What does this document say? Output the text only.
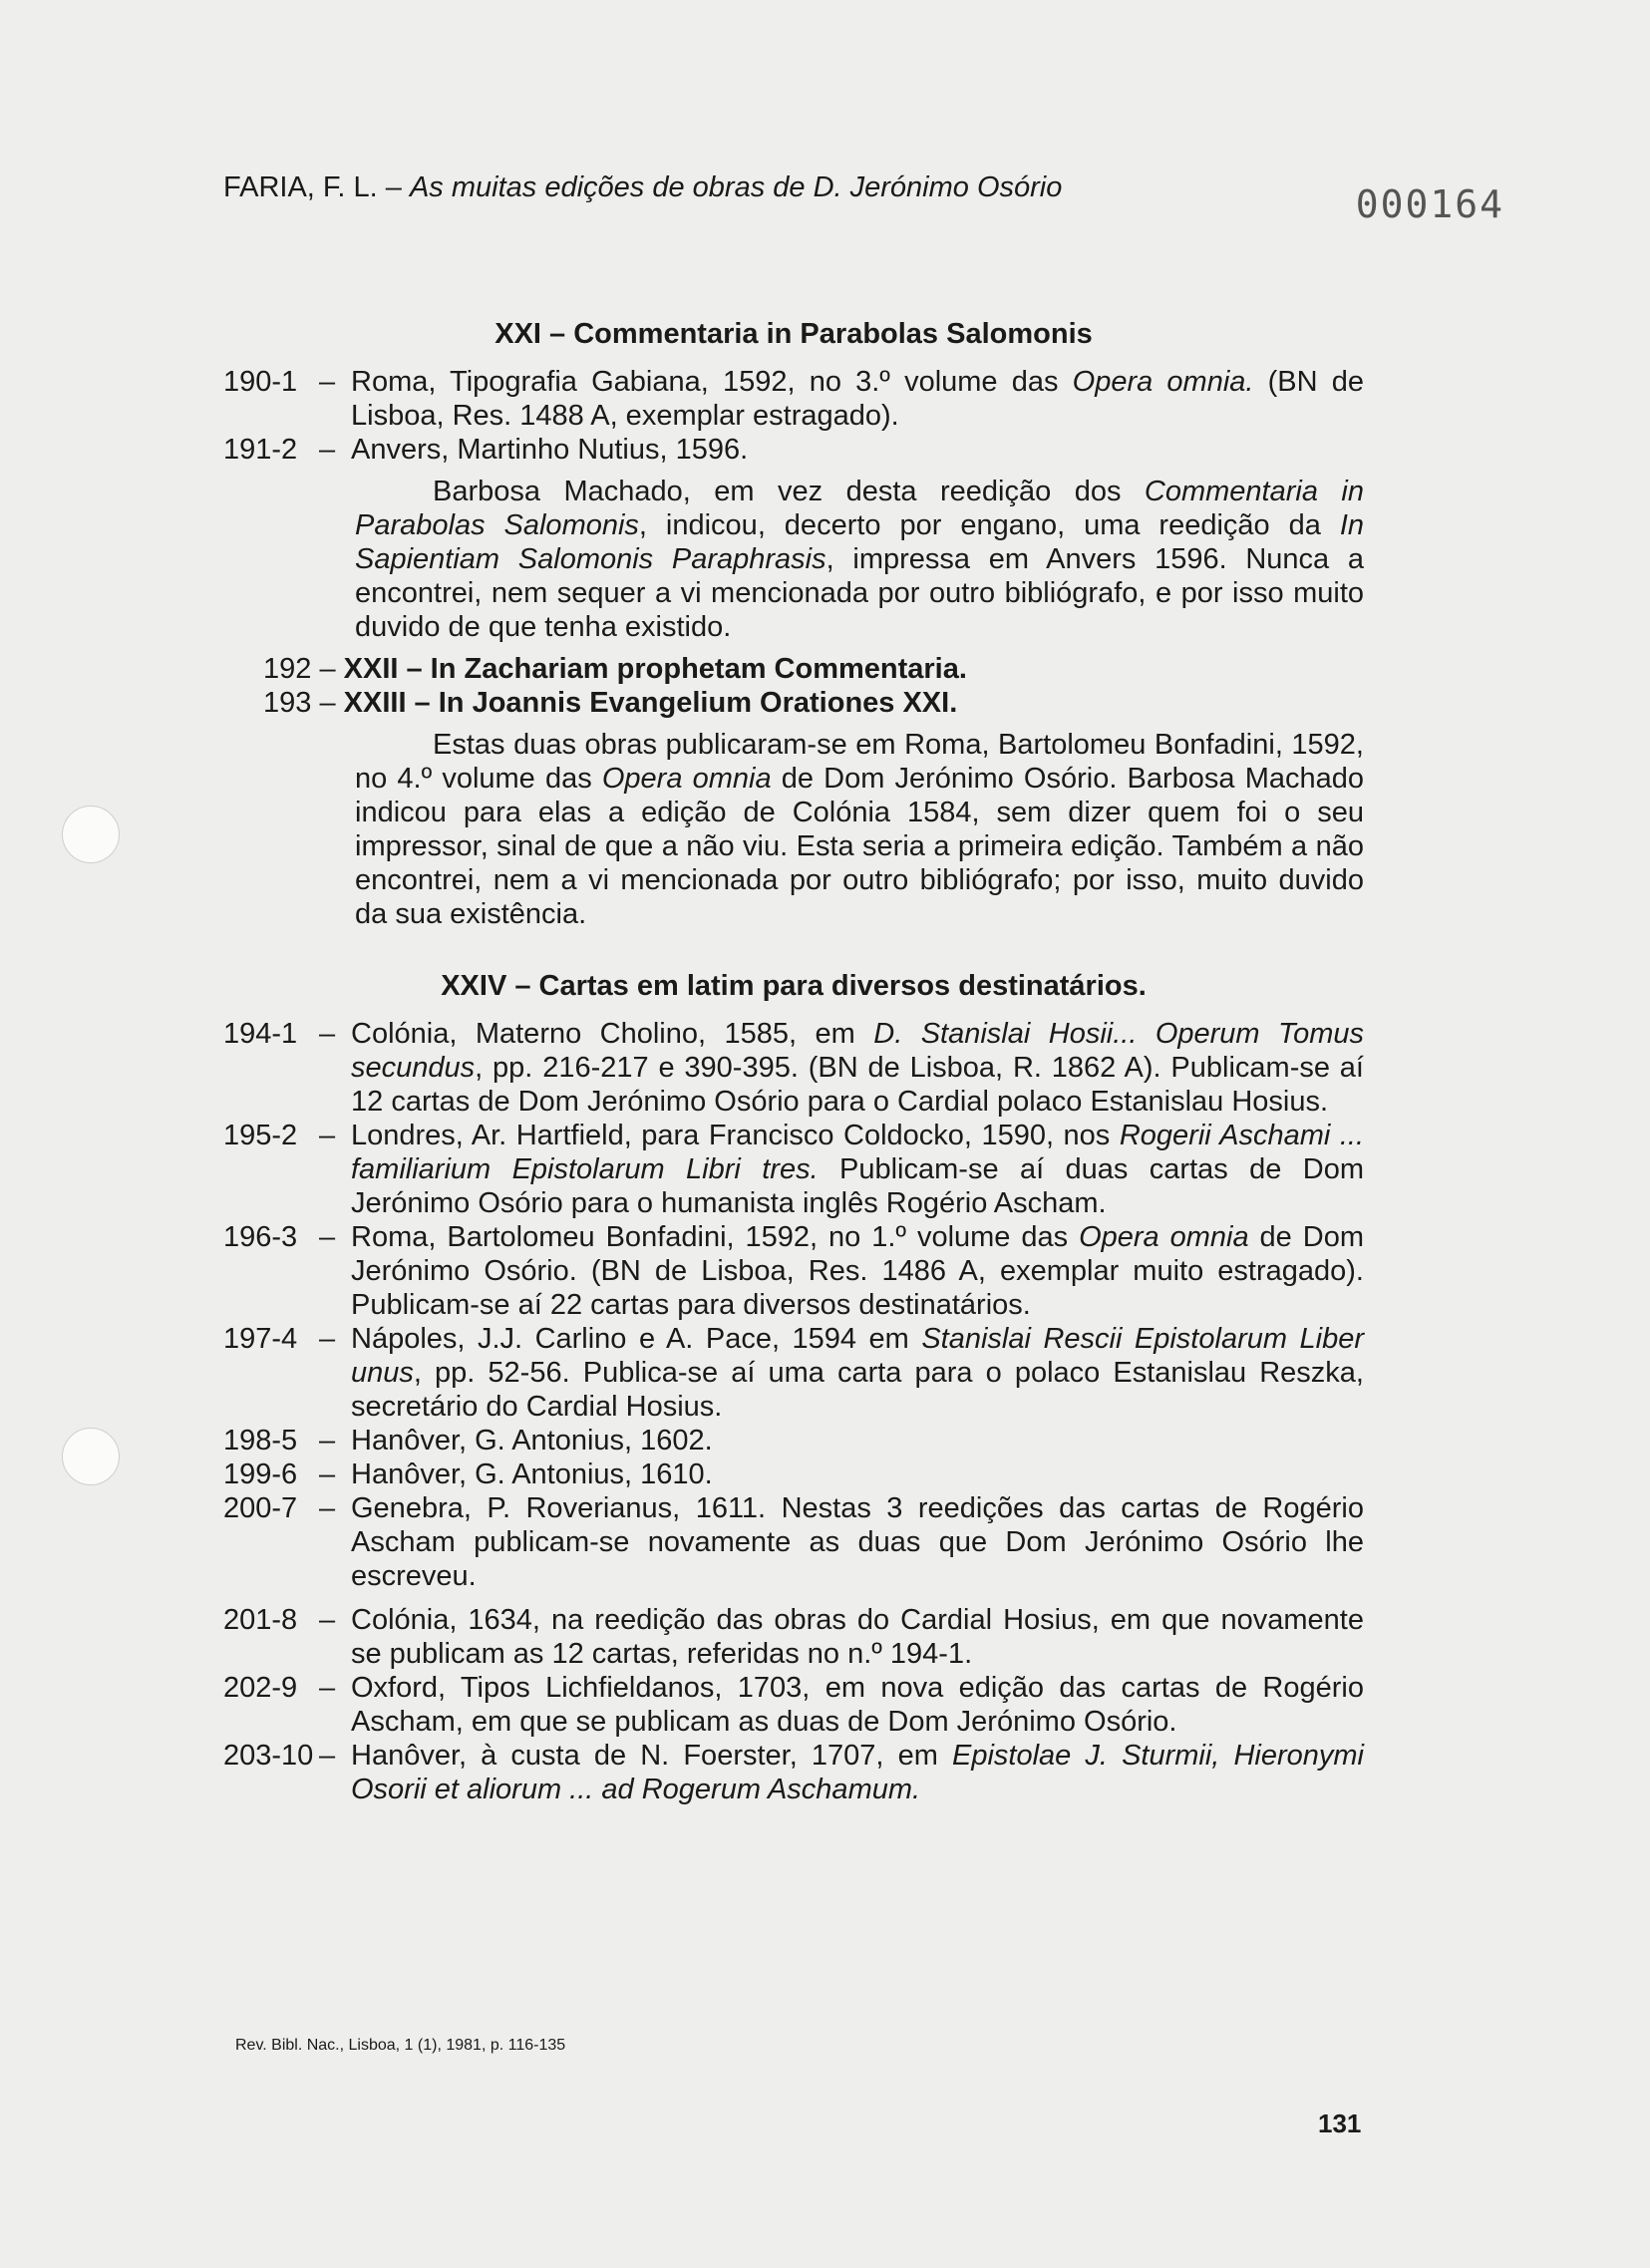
FARIA, F. L. – As muitas edições de obras de D. Jerónimo Osório	000164

XXI – Commentaria in Parabolas Salomonis

190-1 – Roma, Tipografia Gabiana, 1592, no 3.º volume das Opera omnia. (BN de Lisboa, Res. 1488 A, exemplar estragado).
191-2 – Anvers, Martinho Nutius, 1596.

Barbosa Machado, em vez desta reedição dos Commentaria in Parabolas Salomonis, indicou, decerto por engano, uma reedição da In Sapientiam Salomonis Paraphrasis, impressa em Anvers 1596. Nunca a encontrei, nem sequer a vi mencionada por outro bibliógrafo, e por isso muito duvido de que tenha existido.

192 – XXII – In Zachariam prophetam Commentaria.
193 – XXIII – In Joannis Evangelium Orationes XXI.

Estas duas obras publicaram-se em Roma, Bartolomeu Bonfadini, 1592, no 4.º volume das Opera omnia de Dom Jerónimo Osório. Barbosa Machado indicou para elas a edição de Colónia 1584, sem dizer quem foi o seu impressor, sinal de que a não viu. Esta seria a primeira edição. Também a não encontrei, nem a vi mencionada por outro bibliógrafo; por isso, muito duvido da sua existência.

XXIV – Cartas em latim para diversos destinatários.

194-1 – Colónia, Materno Cholino, 1585, em D. Stanislai Hosii... Operum Tomus secundus, pp. 216-217 e 390-395. (BN de Lisboa, R. 1862 A). Publicam-se aí 12 cartas de Dom Jerónimo Osório para o Cardial polaco Estanislau Hosius.
195-2 – Londres, Ar. Hartfield, para Francisco Coldocko, 1590, nos Rogerii Aschami ... familiarium Epistolarum Libri tres. Publicam-se aí duas cartas de Dom Jerónimo Osório para o humanista inglês Rogério Ascham.
196-3 – Roma, Bartolomeu Bonfadini, 1592, no 1.º volume das Opera omnia de Dom Jerónimo Osório. (BN de Lisboa, Res. 1486 A, exemplar muito estragado). Publicam-se aí 22 cartas para diversos destinatários.
197-4 – Nápoles, J.J. Carlino e A. Pace, 1594 em Stanislai Rescii Epistolarum Liber unus, pp. 52-56. Publica-se aí uma carta para o polaco Estanislau Reszka, secretário do Cardial Hosius.
198-5 – Hanôver, G. Antonius, 1602.
199-6 – Hanôver, G. Antonius, 1610.
200-7 – Genebra, P. Roverianus, 1611. Nestas 3 reedições das cartas de Rogério Ascham publicam-se novamente as duas que Dom Jerónimo Osório lhe escreveu.
201-8 – Colónia, 1634, na reedição das obras do Cardial Hosius, em que novamente se publicam as 12 cartas, referidas no n.º 194-1.
202-9 – Oxford, Tipos Lichfieldanos, 1703, em nova edição das cartas de Rogério Ascham, em que se publicam as duas de Dom Jerónimo Osório.
203-10 – Hanôver, à custa de N. Foerster, 1707, em Epistolae J. Sturmii, Hieronymi Osorii et aliorum ... ad Rogerum Aschamum.
Rev. Bibl. Nac., Lisboa, 1 (1), 1981, p. 116-135
131
